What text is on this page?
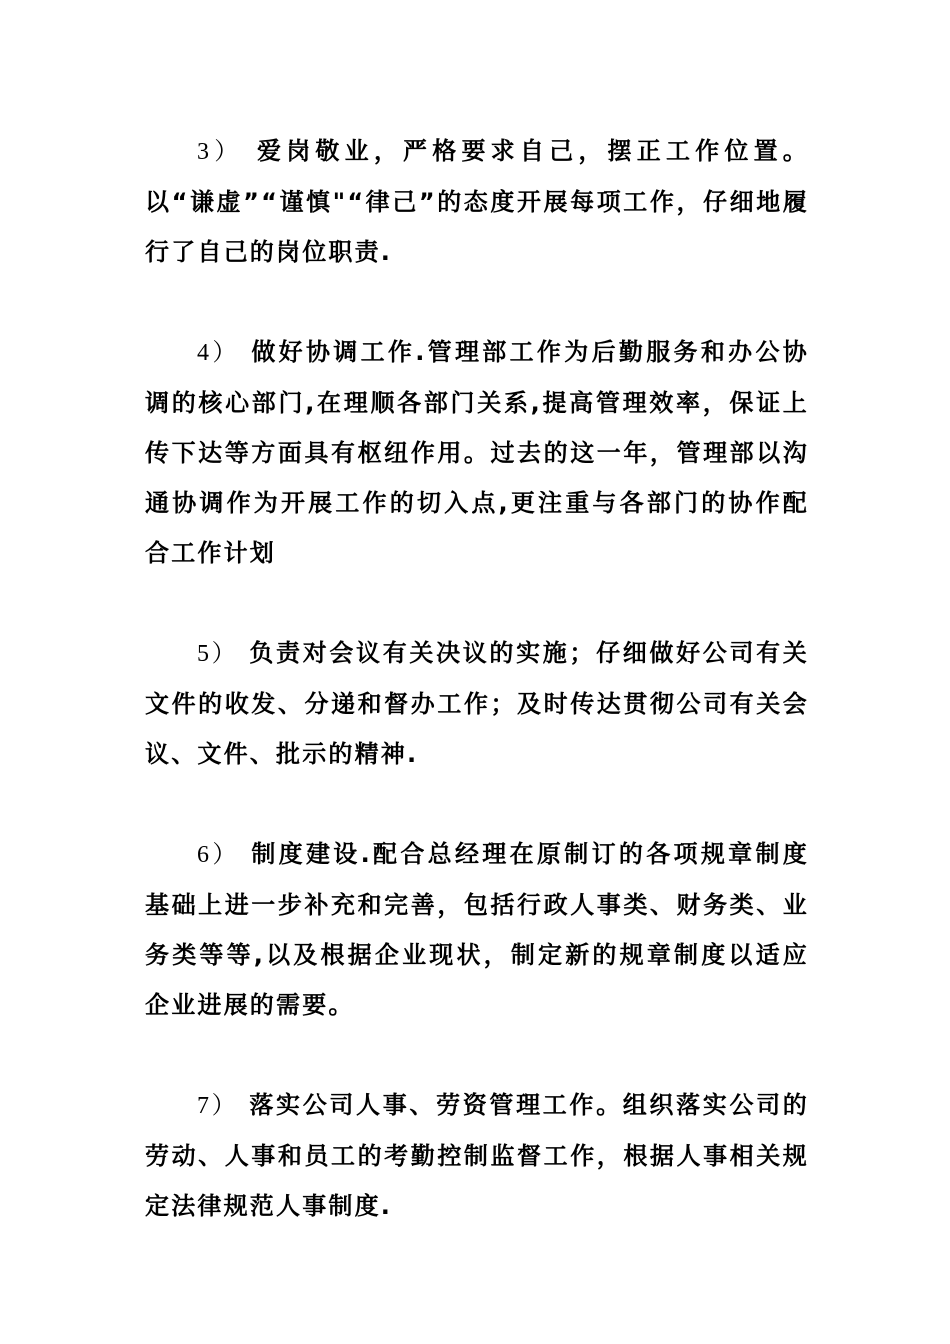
3） 爱岗敬业，严格要求自己，摆正工作位置。以“谦虚”“谨慎"“律己”的态度开展每项工作，仔细地履行了自己的岗位职责.

4） 做好协调工作.管理部工作为后勤服务和办公协调的核心部门,在理顺各部门关系,提高管理效率，保证上传下达等方面具有枢纽作用。过去的这一年，管理部以沟通协调作为开展工作的切入点,更注重与各部门的协作配合工作计划

5） 负责对会议有关决议的实施；仔细做好公司有关文件的收发、分递和督办工作；及时传达贯彻公司有关会议、文件、批示的精神.

6） 制度建设.配合总经理在原制订的各项规章制度基础上进一步补充和完善，包括行政人事类、财务类、业务类等等,以及根据企业现状，制定新的规章制度以适应企业进展的需要。

7） 落实公司人事、劳资管理工作。组织落实公司的劳动、人事和员工的考勤控制监督工作，根据人事相关规定法律规范人事制度.
